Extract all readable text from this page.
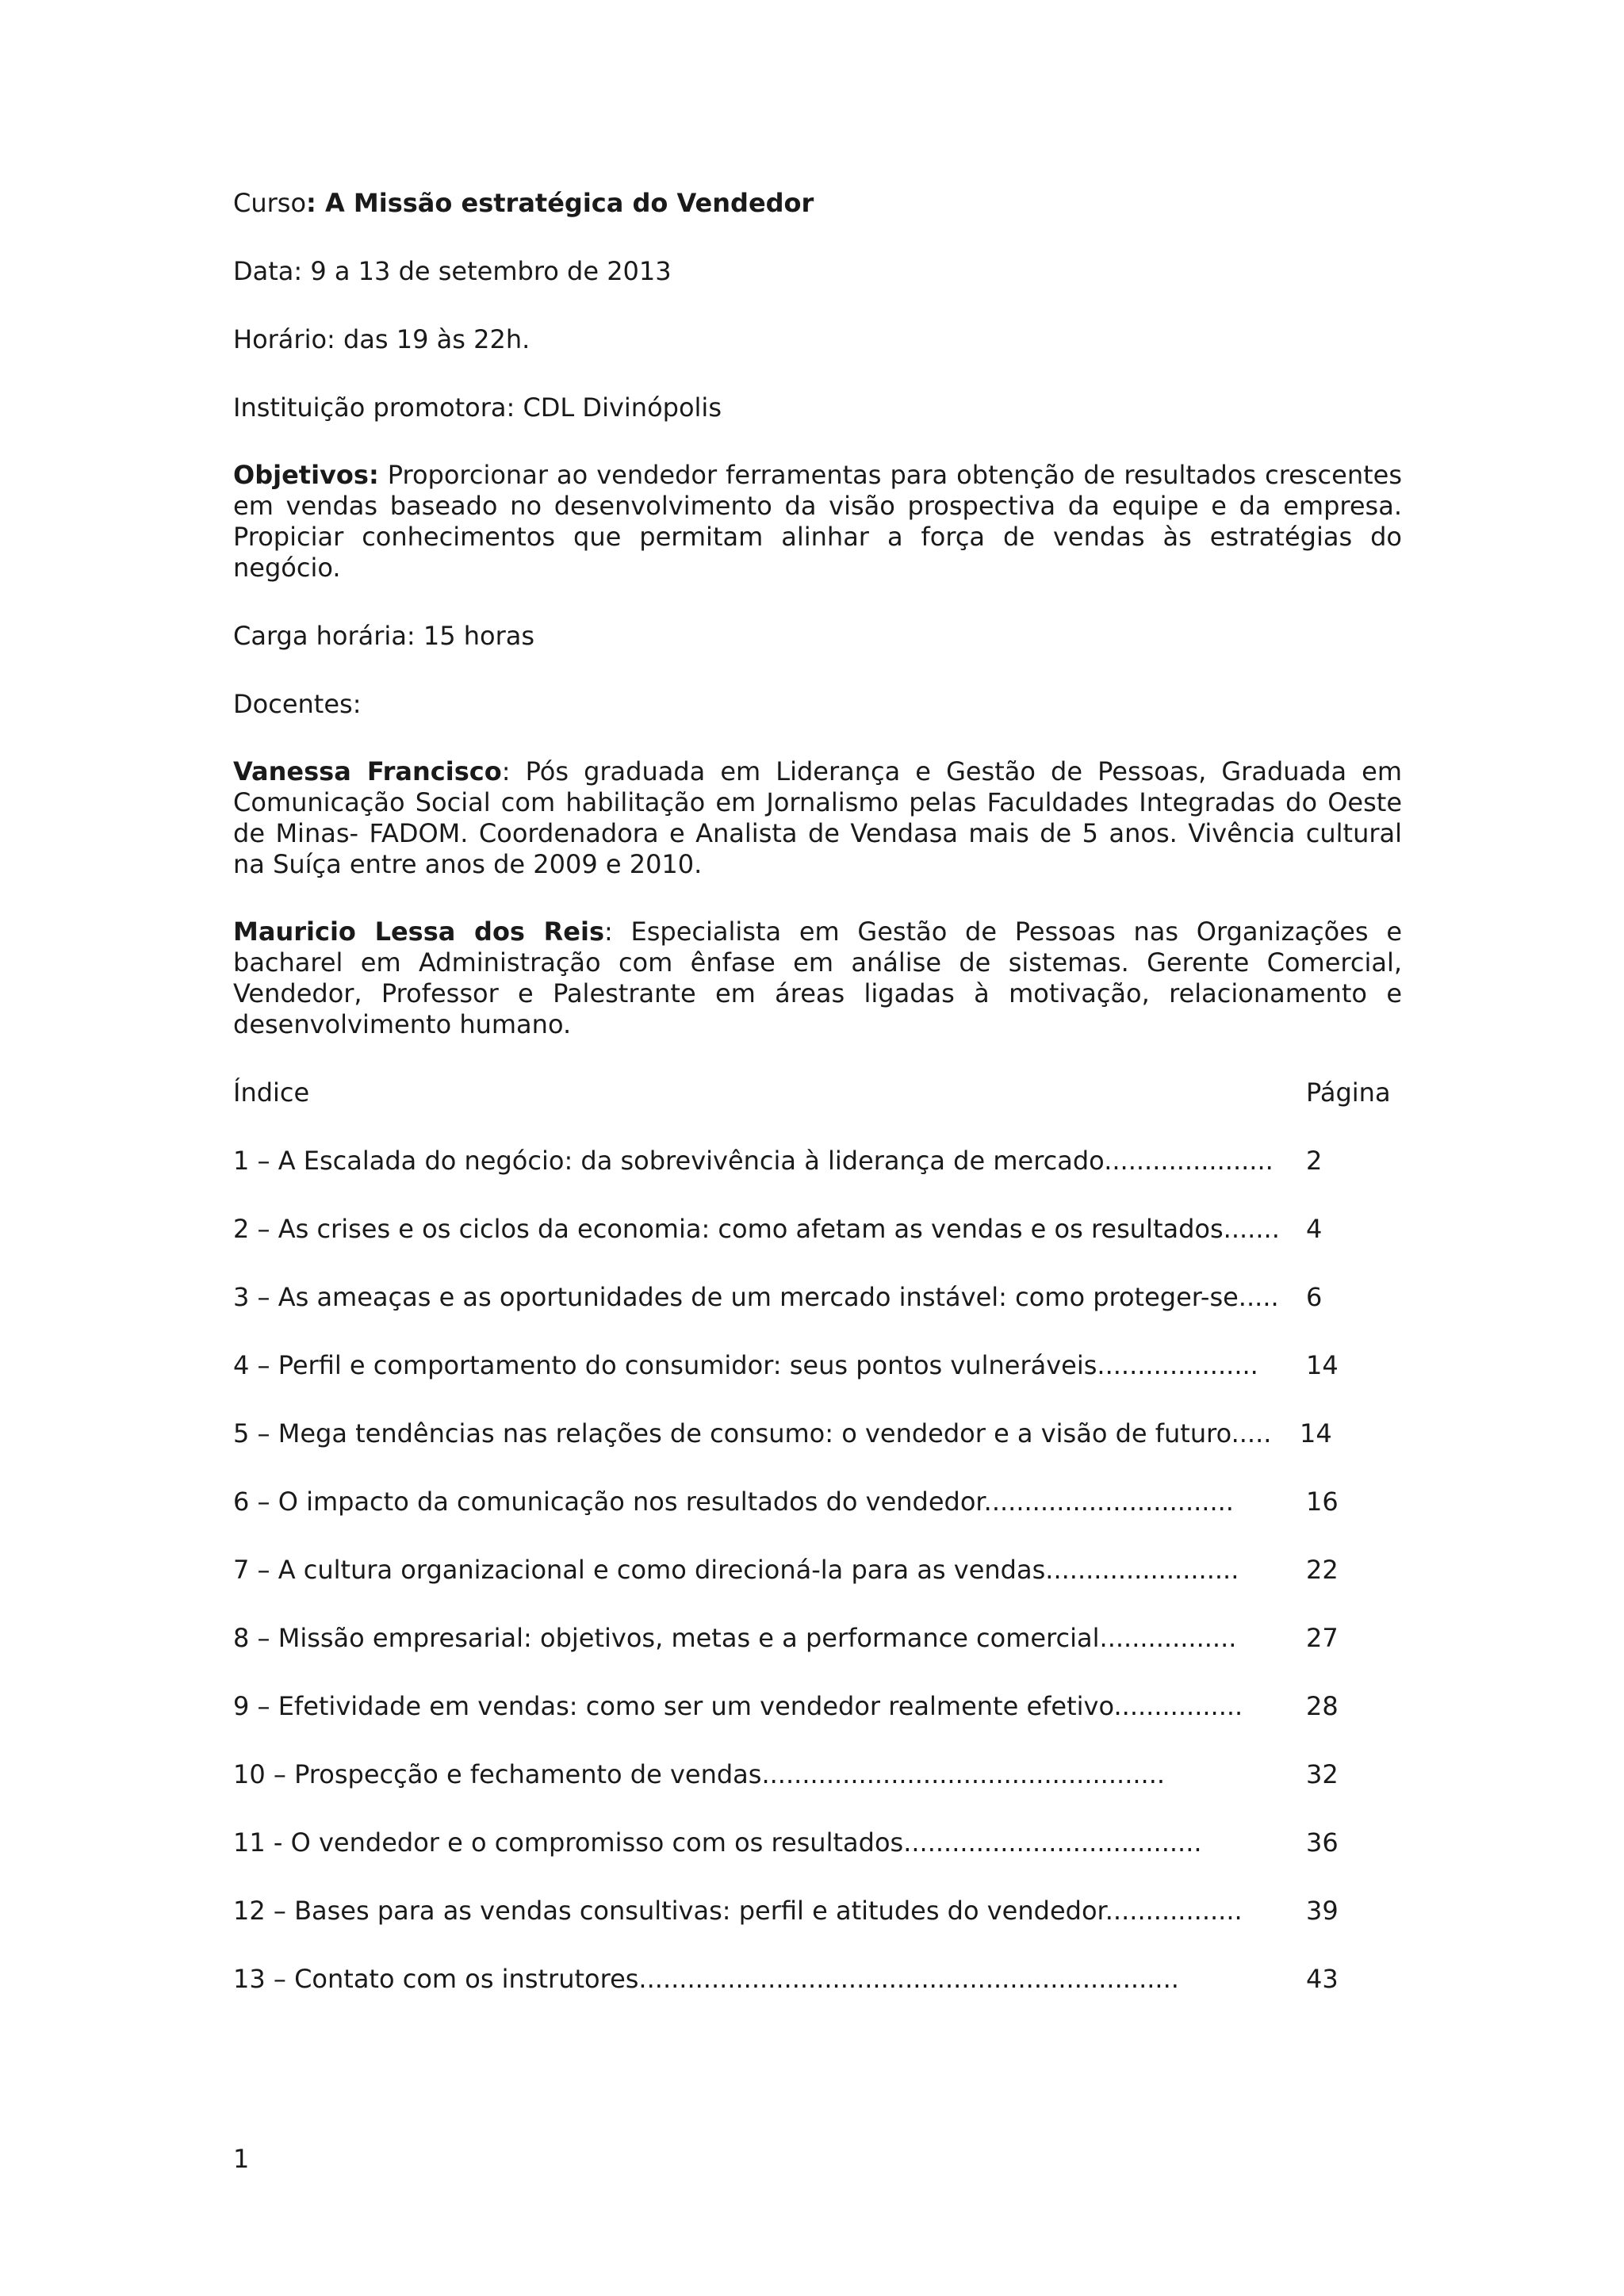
Curso: A Missão estratégica do Vendedor

Data: 9 a 13 de setembro de 2013

Horário: das 19 às 22h.

Instituição promotora: CDL Divinópolis

Objetivos: Proporcionar ao vendedor ferramentas para obtenção de resultados crescentes em vendas baseado no desenvolvimento da visão prospectiva da equipe e da empresa. Propiciar conhecimentos que permitam alinhar a força de vendas às estratégias do negócio.

Carga horária: 15 horas

Docentes:

Vanessa Francisco: Pós graduada em Liderança e Gestão de Pessoas, Graduada em Comunicação Social com habilitação em Jornalismo pelas Faculdades Integradas do Oeste de Minas- FADOM. Coordenadora e Analista de Vendasa mais de 5 anos. Vivência cultural na Suíça entre anos de 2009 e 2010.

Mauricio Lessa dos Reis: Especialista em Gestão de Pessoas nas Organizações e bacharel em Administração com ênfase em análise de sistemas. Gerente Comercial, Vendedor, Professor e Palestrante em áreas ligadas à motivação, relacionamento e desenvolvimento humano.

Índice	Página
1 – A Escalada do negócio: da sobrevivência à liderança de mercado..................... 2
2 – As crises e os ciclos da economia: como afetam as vendas e os resultados....... 4
3 – As ameaças e as oportunidades de um mercado instável: como proteger-se..... 6
4 – Perfil e comportamento do consumidor: seus pontos vulneráveis.................... 14
5 – Mega tendências nas relações de consumo: o vendedor e a visão de futuro..... 14
6 – O impacto da comunicação nos resultados do vendedor...............................	16
7 – A cultura organizacional e como direcioná-la para as vendas........................	22
8 – Missão empresarial: objetivos, metas e a performance comercial.................	27
9 – Efetividade em vendas: como ser um vendedor realmente efetivo................ 28
10 – Prospecção e fechamento de vendas..................................................	32
11 - O vendedor e o compromisso com os resultados.....................................	36
12 – Bases para as vendas consultivas: perfil e atitudes do vendedor.................	39
13 – Contato com os instrutores...................................................................	43
1
